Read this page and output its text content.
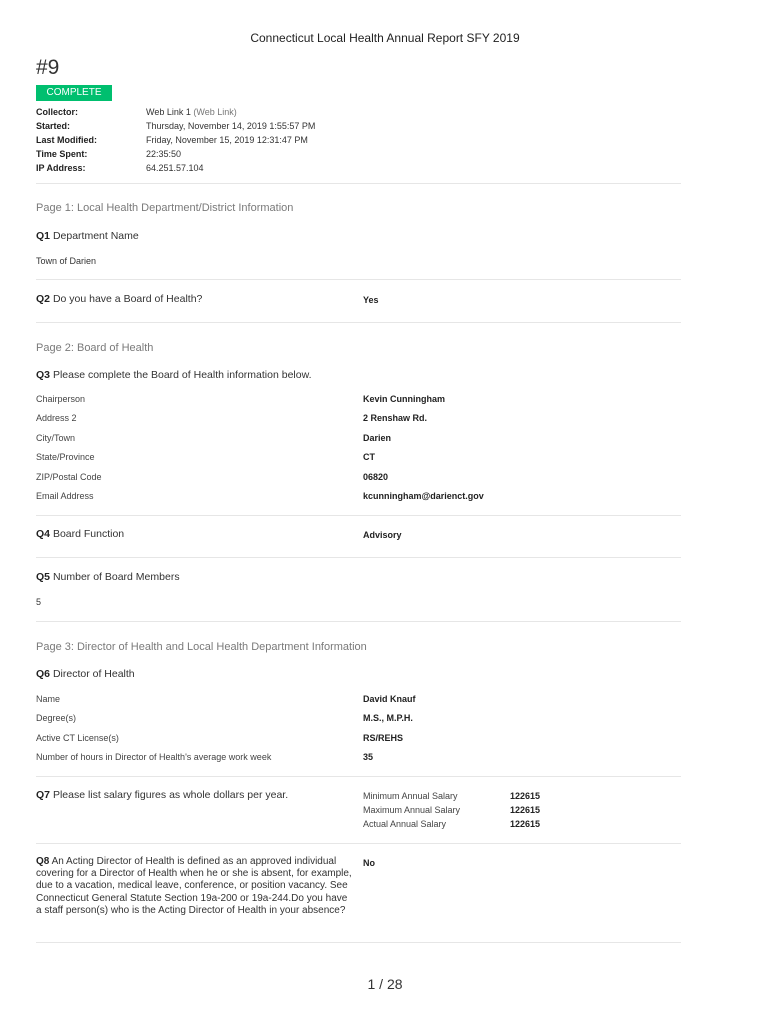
Connecticut Local Health Annual Report SFY 2019
#9
COMPLETE
Collector:	Web Link 1 (Web Link)
Started:	Thursday, November 14, 2019 1:55:57 PM
Last Modified:	Friday, November 15, 2019 12:31:47 PM
Time Spent:	22:35:50
IP Address:	64.251.57.104
Page 1: Local Health Department/District Information
Q1 Department Name
Town of Darien
Q2 Do you have a Board of Health?	Yes
Page 2: Board of Health
Q3 Please complete the Board of Health information below.
Chairperson	Kevin Cunningham
Address 2	2 Renshaw Rd.
City/Town	Darien
State/Province	CT
ZIP/Postal Code	06820
Email Address	kcunningham@darienct.gov
Q4 Board Function	Advisory
Q5 Number of Board Members
5
Page 3: Director of Health and Local Health Department Information
Q6 Director of Health
Name	David Knauf
Degree(s)	M.S., M.P.H.
Active CT License(s)	RS/REHS
Number of hours in Director of Health's average work week	35
Q7 Please list salary figures as whole dollars per year.	Minimum Annual Salary	122615
Maximum Annual Salary	122615
Actual Annual Salary	122615
Q8 An Acting Director of Health is defined as an approved individual covering for a Director of Health when he or she is absent, for example, due to a vacation, medical leave, conference, or position vacancy. See Connecticut General Statute Section 19a-200 or 19a-244.Do you have a staff person(s) who is the Acting Director of Health in your absence?
No
1 / 28
